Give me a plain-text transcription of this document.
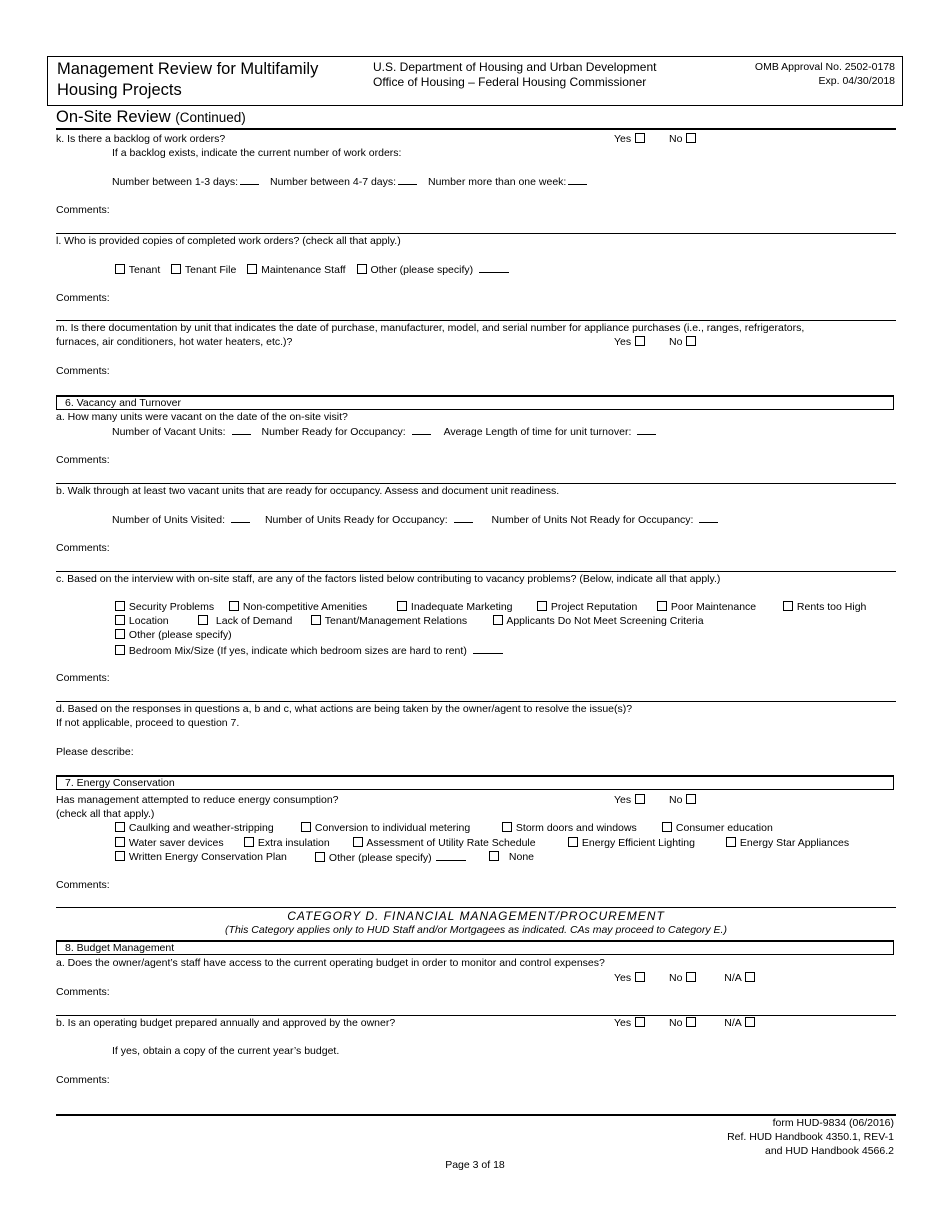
Management Review for Multifamily Housing Projects
U.S. Department of Housing and Urban Development
Office of Housing – Federal Housing Commissioner
OMB Approval No. 2502-0178
Exp. 04/30/2018
On-Site Review (Continued)
k. Is there a backlog of work orders?	Yes	No
If a backlog exists, indicate the current number of work orders:
Number between 1-3 days:	Number between 4-7 days:	Number more than one week:
Comments:
l. Who is provided copies of completed work orders? (check all that apply.)
Tenant Tenant File Maintenance Staff Other (please specify)
Comments:
m. Is there documentation by unit that indicates the date of purchase, manufacturer, model, and serial number for appliance purchases (i.e., ranges, refrigerators,
furnaces, air conditioners, hot water heaters, etc.)?	Yes	No
Comments:
6. Vacancy and Turnover
a. How many units were vacant on the date of the on-site visit?
Number of Vacant Units:	Number Ready for Occupancy:	Average Length of time for unit turnover:
Comments:
b. Walk through at least two vacant units that are ready for occupancy. Assess and document unit readiness.
Number of Units Visited:	Number of Units Ready for Occupancy:	Number of Units Not Ready for Occupancy:
Comments:
c. Based on the interview with on-site staff, are any of the factors listed below contributing to vacancy problems? (Below, indicate all that apply.)
Security Problems	Non-competitive Amenities	Inadequate Marketing	Project Reputation	Poor Maintenance	Rents too High
Location	Lack of Demand	Tenant/Management Relations	Applicants Do Not Meet Screening Criteria
Other (please specify)
Bedroom Mix/Size (If yes, indicate which bedroom sizes are hard to rent)
Comments:
d. Based on the responses in questions a, b and c, what actions are being taken by the owner/agent to resolve the issue(s)?
If not applicable, proceed to question 7.
Please describe:
7. Energy Conservation
Has management attempted to reduce energy consumption?	Yes	No
(check all that apply.)
Caulking and weather-stripping	Conversion to individual metering	Storm doors and windows	Consumer education
Water saver devices	Extra insulation	Assessment of Utility Rate Schedule	Energy Efficient Lighting	Energy Star Appliances
Written Energy Conservation Plan	Other (please specify)	None
Comments:
CATEGORY D. FINANCIAL MANAGEMENT/PROCUREMENT
(This Category applies only to HUD Staff and/or Mortgagees as indicated. CAs may proceed to Category E.)
8. Budget Management
a. Does the owner/agent’s staff have access to the current operating budget in order to monitor and control expenses?
Yes	No	N/A
Comments:
b. Is an operating budget prepared annually and approved by the owner?	Yes	No	N/A
If yes, obtain a copy of the current year’s budget.
Comments:
form HUD-9834 (06/2016)
Ref. HUD Handbook 4350.1, REV-1
and HUD Handbook 4566.2
Page 3 of 18
